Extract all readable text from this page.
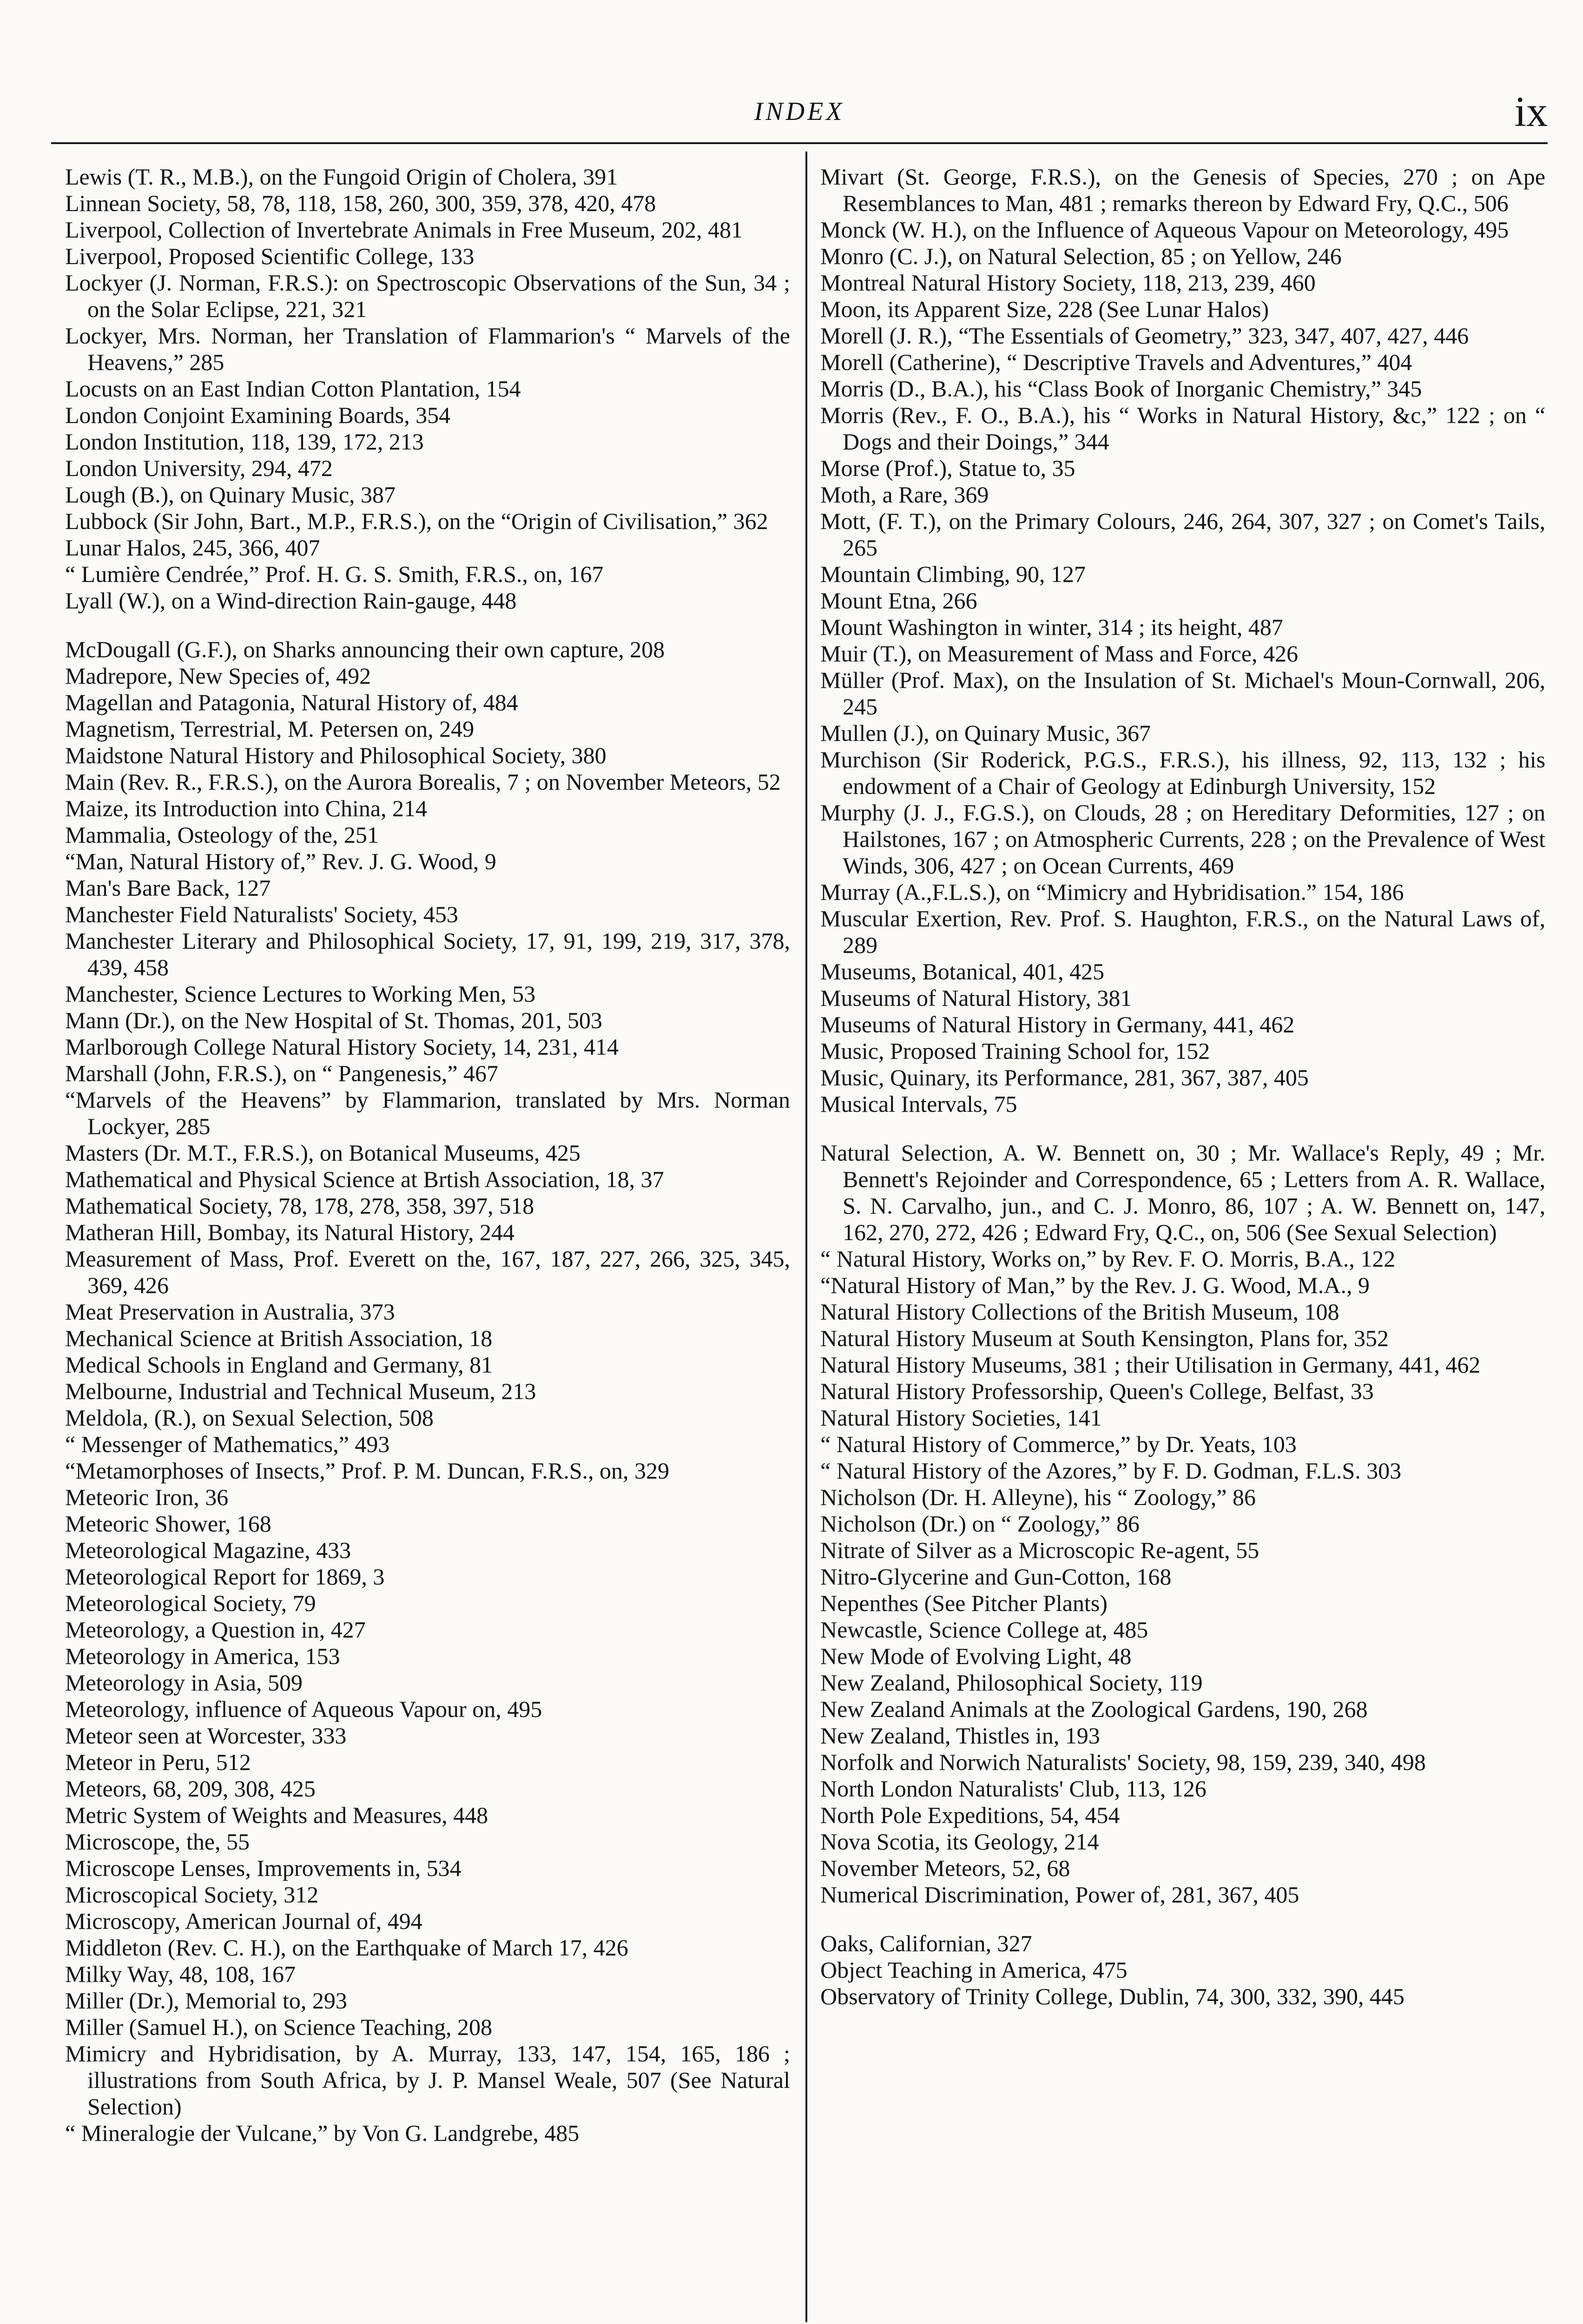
INDEX	ix

Lewis (T. R., M.B.), on the Fungoid Origin of Cholera, 391

Linnean Society, 58, 78, 118, 158, 260, 300, 359, 378, 420, 478

Liverpool, Collection of Invertebrate Animals in Free Museum, 202, 481

Liverpool, Proposed Scientific College, 133

Lockyer (J. Norman, F.R.S.): on Spectroscopic Observations of the Sun, 34 ; on the Solar Eclipse, 221, 321

Lockyer, Mrs. Norman, her Translation of Flammarion's “ Marvels of the Heavens,” 285

Locusts on an East Indian Cotton Plantation, 154

London Conjoint Examining Boards, 354

London Institution, 118, 139, 172, 213

London University, 294, 472

Lough (B.), on Quinary Music, 387

Lubbock (Sir John, Bart., M.P., F.R.S.), on the “Origin of Civilisation,” 362

Lunar Halos, 245, 366, 407

“ Lumière Cendrée,” Prof. H. G. S. Smith, F.R.S., on, 167

Lyall (W.), on a Wind-direction Rain-gauge, 448

McDougall (G.F.), on Sharks announcing their own capture, 208

Madrepore, New Species of, 492

Magellan and Patagonia, Natural History of, 484

Magnetism, Terrestrial, M. Petersen on, 249

Maidstone Natural History and Philosophical Society, 380

Main (Rev. R., F.R.S.), on the Aurora Borealis, 7 ; on November Meteors, 52

Maize, its Introduction into China, 214

Mammalia, Osteology of the, 251

“Man, Natural History of,” Rev. J. G. Wood, 9

Man's Bare Back, 127

Manchester Field Naturalists' Society, 453

Manchester Literary and Philosophical Society, 17, 91, 199, 219, 317, 378, 439, 458

Manchester, Science Lectures to Working Men, 53

Mann (Dr.), on the New Hospital of St. Thomas, 201, 503

Marlborough College Natural History Society, 14, 231, 414

Marshall (John, F.R.S.), on “ Pangenesis,” 467

“Marvels of the Heavens” by Flammarion, translated by Mrs. Norman Lockyer, 285

Masters (Dr. M.T., F.R.S.), on Botanical Museums, 425

Mathematical and Physical Science at Brtish Association, 18, 37

Mathematical Society, 78, 178, 278, 358, 397, 518

Matheran Hill, Bombay, its Natural History, 244

Measurement of Mass, Prof. Everett on the, 167, 187, 227, 266, 325, 345, 369, 426

Meat Preservation in Australia, 373

Mechanical Science at British Association, 18

Medical Schools in England and Germany, 81

Melbourne, Industrial and Technical Museum, 213

Meldola, (R.), on Sexual Selection, 508

“ Messenger of Mathematics,” 493

“Metamorphoses of Insects,” Prof. P. M. Duncan, F.R.S., on, 329

Meteoric Iron, 36

Meteoric Shower, 168

Meteorological Magazine, 433

Meteorological Report for 1869, 3

Meteorological Society, 79

Meteorology, a Question in, 427

Meteorology in America, 153

Meteorology in Asia, 509

Meteorology, influence of Aqueous Vapour on, 495

Meteor seen at Worcester, 333

Meteor in Peru, 512

Meteors, 68, 209, 308, 425

Metric System of Weights and Measures, 448

Microscope, the, 55

Microscope Lenses, Improvements in, 534

Microscopical Society, 312

Microscopy, American Journal of, 494

Middleton (Rev. C. H.), on the Earthquake of March 17, 426

Milky Way, 48, 108, 167

Miller (Dr.), Memorial to, 293

Miller (Samuel H.), on Science Teaching, 208

Mimicry and Hybridisation, by A. Murray, 133, 147, 154, 165, 186 ; illustrations from South Africa, by J. P. Mansel Weale, 507 (See Natural Selection)

“ Mineralogie der Vulcane,” by Von G. Landgrebe, 485

Mivart (St. George, F.R.S.), on the Genesis of Species, 270 ; on Ape Resemblances to Man, 481 ; remarks thereon by Edward Fry, Q.C., 506

Monck (W. H.), on the Influence of Aqueous Vapour on Meteorology, 495

Monro (C. J.), on Natural Selection, 85 ; on Yellow, 246

Montreal Natural History Society, 118, 213, 239, 460

Moon, its Apparent Size, 228 (See Lunar Halos)

Morell (J. R.), “The Essentials of Geometry,” 323, 347, 407, 427, 446

Morell (Catherine), “ Descriptive Travels and Adventures,” 404

Morris (D., B.A.), his “Class Book of Inorganic Chemistry,” 345

Morris (Rev., F. O., B.A.), his “ Works in Natural History, &c,” 122 ; on “ Dogs and their Doings,” 344

Morse (Prof.), Statue to, 35

Moth, a Rare, 369

Mott, (F. T.), on the Primary Colours, 246, 264, 307, 327 ; on Comet's Tails, 265

Mountain Climbing, 90, 127

Mount Etna, 266

Mount Washington in winter, 314 ; its height, 487

Muir (T.), on Measurement of Mass and Force, 426

Müller (Prof. Max), on the Insulation of St. Michael's Moun-Cornwall, 206, 245

Mullen (J.), on Quinary Music, 367

Murchison (Sir Roderick, P.G.S., F.R.S.), his illness, 92, 113, 132 ; his endowment of a Chair of Geology at Edinburgh University, 152

Murphy (J. J., F.G.S.), on Clouds, 28 ; on Hereditary Deformities, 127 ; on Hailstones, 167 ; on Atmospheric Currents, 228 ; on the Prevalence of West Winds, 306, 427 ; on Ocean Currents, 469

Murray (A.,F.L.S.), on “Mimicry and Hybridisation.” 154, 186

Muscular Exertion, Rev. Prof. S. Haughton, F.R.S., on the Natural Laws of, 289

Museums, Botanical, 401, 425

Museums of Natural History, 381

Museums of Natural History in Germany, 441, 462

Music, Proposed Training School for, 152

Music, Quinary, its Performance, 281, 367, 387, 405

Musical Intervals, 75

Natural Selection, A. W. Bennett on, 30 ; Mr. Wallace's Reply, 49 ; Mr. Bennett's Rejoinder and Correspondence, 65 ; Letters from A. R. Wallace, S. N. Carvalho, jun., and C. J. Monro, 86, 107 ; A. W. Bennett on, 147, 162, 270, 272, 426 ; Edward Fry, Q.C., on, 506 (See Sexual Selection)

“ Natural History, Works on,” by Rev. F. O. Morris, B.A., 122

“Natural History of Man,” by the Rev. J. G. Wood, M.A., 9

Natural History Collections of the British Museum, 108

Natural History Museum at South Kensington, Plans for, 352

Natural History Museums, 381 ; their Utilisation in Germany, 441, 462

Natural History Professorship, Queen's College, Belfast, 33

Natural History Societies, 141

“ Natural History of Commerce,” by Dr. Yeats, 103

“ Natural History of the Azores,” by F. D. Godman, F.L.S. 303

Nicholson (Dr. H. Alleyne), his “ Zoology,” 86

Nicholson (Dr.) on “ Zoology,” 86

Nitrate of Silver as a Microscopic Re-agent, 55

Nitro-Glycerine and Gun-Cotton, 168

Nepenthes (See Pitcher Plants)

Newcastle, Science College at, 485

New Mode of Evolving Light, 48

New Zealand, Philosophical Society, 119

New Zealand Animals at the Zoological Gardens, 190, 268

New Zealand, Thistles in, 193

Norfolk and Norwich Naturalists' Society, 98, 159, 239, 340, 498

North London Naturalists' Club, 113, 126

North Pole Expeditions, 54, 454

Nova Scotia, its Geology, 214

November Meteors, 52, 68

Numerical Discrimination, Power of, 281, 367, 405

Oaks, Californian, 327

Object Teaching in America, 475

Observatory of Trinity College, Dublin, 74, 300, 332, 390, 445
